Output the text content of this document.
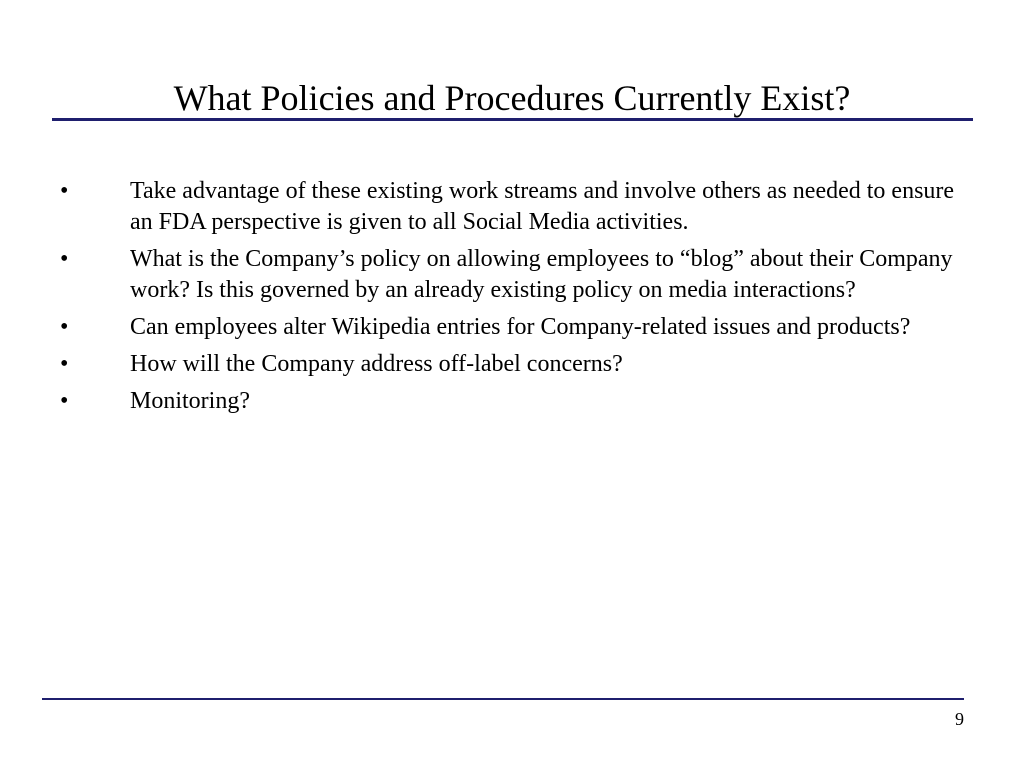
What Policies and Procedures Currently Exist?
•	Take advantage of these existing work streams and involve others as needed to ensure an FDA perspective is given to all Social Media activities.
•	What is the Company’s policy on allowing employees to “blog” about their Company work? Is this governed by an already existing policy on media interactions?
•	Can employees alter Wikipedia entries for Company-related issues and products?
•	How will the Company address off-label concerns?
•	Monitoring?
9
